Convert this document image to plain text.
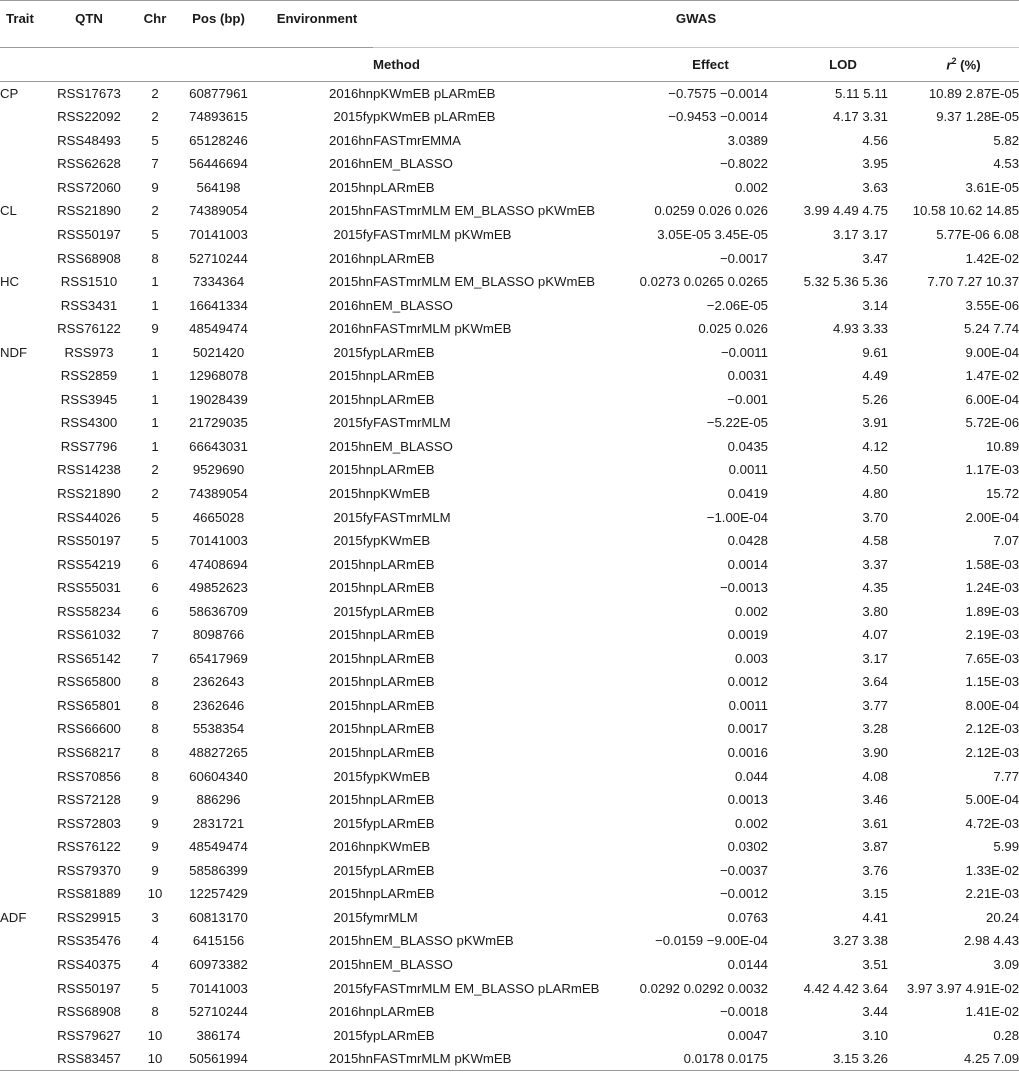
Trait	QTN	Chr	Pos (bp)	Environment	GWAS			
					Method	Effect	LOD	$r^2$ (%)
CP	RSS17673	2	60877961	2016hn	pKWmEB pLARmEB	−0.7575 −0.0014	5.11 5.11	10.89 2.87E-05
	RSS22092	2	74893615	2015fy	pKWmEB pLARmEB	−0.9453 −0.0014	4.17 3.31	9.37 1.28E-05
	RSS48493	5	65128246	2016hn	FASTmrEMMA	3.0389	4.56	5.82
	RSS62628	7	56446694	2016hn	EM_BLASSO	−0.8022	3.95	4.53
	RSS72060	9	564198	2015hn	pLARmEB	0.002	3.63	3.61E-05
CL	RSS21890	2	74389054	2015hn	FASTmrMLM EM_BLASSO pKWmEB	0.0259 0.026 0.026	3.99 4.49 4.75	10.58 10.62 14.85
	RSS50197	5	70141003	2015fy	FASTmrMLM pKWmEB	3.05E-05 3.45E-05	3.17 3.17	5.77E-06 6.08
	RSS68908	8	52710244	2016hn	pLARmEB	−0.0017	3.47	1.42E-02
HC	RSS1510	1	7334364	2015hn	FASTmrMLM EM_BLASSO pKWmEB	0.0273 0.0265 0.0265	5.32 5.36 5.36	7.70 7.27 10.37
	RSS3431	1	16641334	2016hn	EM_BLASSO	−2.06E-05	3.14	3.55E-06
	RSS76122	9	48549474	2016hn	FASTmrMLM pKWmEB	0.025 0.026	4.93 3.33	5.24 7.74
NDF	RSS973	1	5021420	2015fy	pLARmEB	−0.0011	9.61	9.00E-04
	RSS2859	1	12968078	2015hn	pLARmEB	0.0031	4.49	1.47E-02
	RSS3945	1	19028439	2015hn	pLARmEB	−0.001	5.26	6.00E-04
	RSS4300	1	21729035	2015fy	FASTmrMLM	−5.22E-05	3.91	5.72E-06
	RSS7796	1	66643031	2015hn	EM_BLASSO	0.0435	4.12	10.89
	RSS14238	2	9529690	2015hn	pLARmEB	0.0011	4.50	1.17E-03
	RSS21890	2	74389054	2015hn	pKWmEB	0.0419	4.80	15.72
	RSS44026	5	4665028	2015fy	FASTmrMLM	−1.00E-04	3.70	2.00E-04
	RSS50197	5	70141003	2015fy	pKWmEB	0.0428	4.58	7.07
	RSS54219	6	47408694	2015hn	pLARmEB	0.0014	3.37	1.58E-03
	RSS55031	6	49852623	2015hn	pLARmEB	−0.0013	4.35	1.24E-03
	RSS58234	6	58636709	2015fy	pLARmEB	0.002	3.80	1.89E-03
	RSS61032	7	8098766	2015hn	pLARmEB	0.0019	4.07	2.19E-03
	RSS65142	7	65417969	2015hn	pLARmEB	0.003	3.17	7.65E-03
	RSS65800	8	2362643	2015hn	pLARmEB	0.0012	3.64	1.15E-03
	RSS65801	8	2362646	2015hn	pLARmEB	0.0011	3.77	8.00E-04
	RSS66600	8	5538354	2015hn	pLARmEB	0.0017	3.28	2.12E-03
	RSS68217	8	48827265	2015hn	pLARmEB	0.0016	3.90	2.12E-03
	RSS70856	8	60604340	2015fy	pKWmEB	0.044	4.08	7.77
	RSS72128	9	886296	2015hn	pLARmEB	0.0013	3.46	5.00E-04
	RSS72803	9	2831721	2015fy	pLARmEB	0.002	3.61	4.72E-03
	RSS76122	9	48549474	2016hn	pKWmEB	0.0302	3.87	5.99
	RSS79370	9	58586399	2015fy	pLARmEB	−0.0037	3.76	1.33E-02
	RSS81889	10	12257429	2015hn	pLARmEB	−0.0012	3.15	2.21E-03
ADF	RSS29915	3	60813170	2015fy	mrMLM	0.0763	4.41	20.24
	RSS35476	4	6415156	2015hn	EM_BLASSO pKWmEB	−0.0159 −9.00E-04	3.27 3.38	2.98 4.43
	RSS40375	4	60973382	2015hn	EM_BLASSO	0.0144	3.51	3.09
	RSS50197	5	70141003	2015fy	FASTmrMLM EM_BLASSO pLARmEB	0.0292 0.0292 0.0032	4.42 4.42 3.64	3.97 3.97 4.91E-02
	RSS68908	8	52710244	2016hn	pLARmEB	−0.0018	3.44	1.41E-02
	RSS79627	10	386174	2015fy	pLARmEB	0.0047	3.10	0.28
	RSS83457	10	50561994	2015hn	FASTmrMLM pKWmEB	0.0178 0.0175	3.15 3.26	4.25 7.09
